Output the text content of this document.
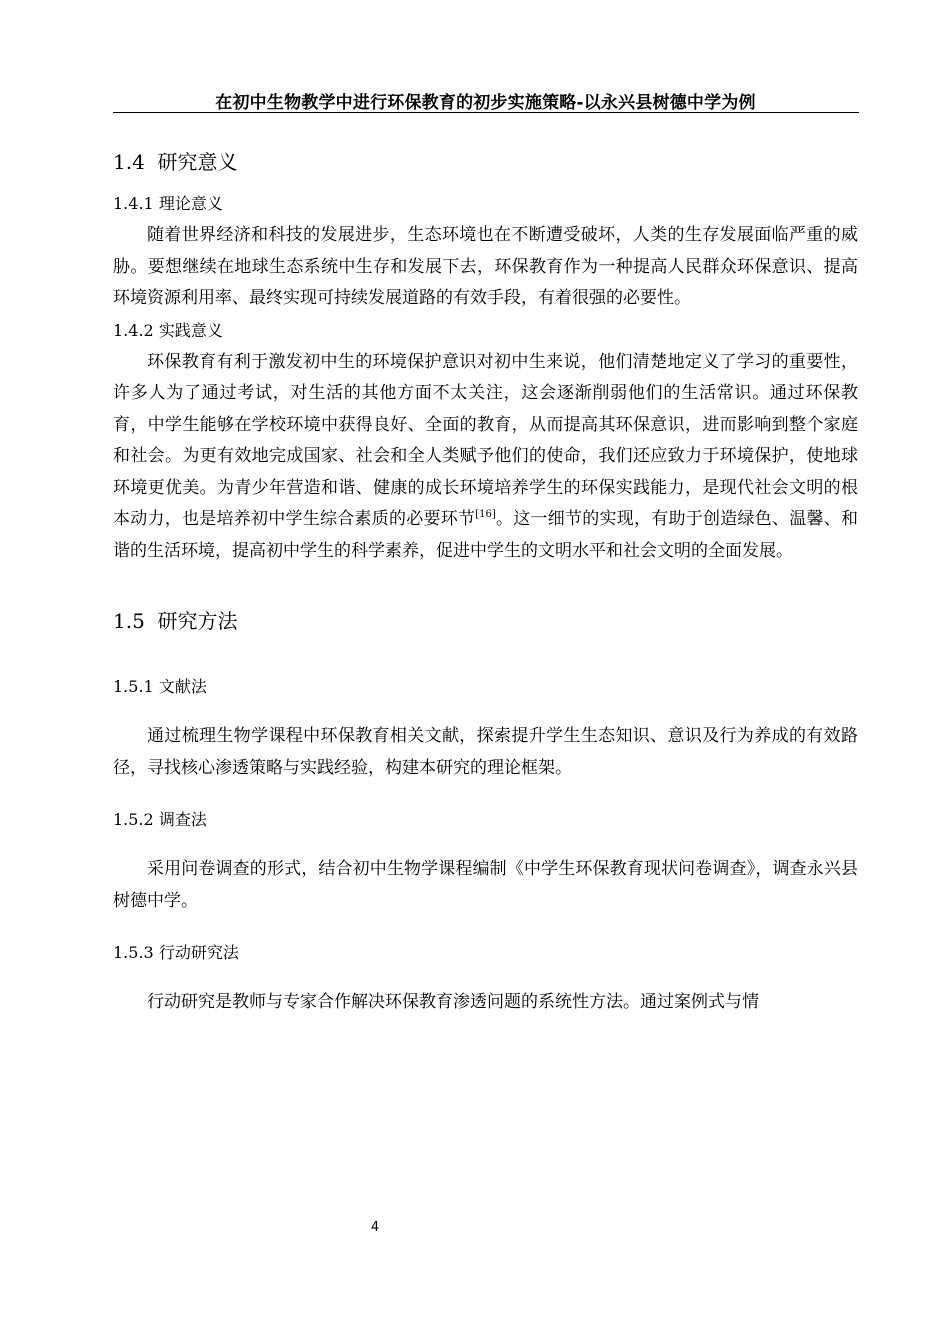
在初中生物教学中进行环保教育的初步实施策略-以永兴县树德中学为例
1.4 研究意义
1.4.1 理论意义

随着世界经济和科技的发展进步，生态环境也在不断遭受破坏，人类的生存发展面临严重的威胁。要想继续在地球生态系统中生存和发展下去，环保教育作为一种提高人民群众环保意识、提高环境资源利用率、最终实现可持续发展道路的有效手段，有着很强的必要性。

1.4.2 实践意义

环保教育有利于激发初中生的环境保护意识对初中生来说，他们清楚地定义了学习的重要性，许多人为了通过考试，对生活的其他方面不太关注，这会逐渐削弱他们的生活常识。通过环保教育，中学生能够在学校环境中获得良好、全面的教育，从而提高其环保意识，进而影响到整个家庭和社会。为更有效地完成国家、社会和全人类赋予他们的使命，我们还应致力于环境保护，使地球环境更优美。为青少年营造和谐、健康的成长环境培养学生的环保实践能力，是现代社会文明的根本动力，也是培养初中学生综合素质的必要环节[16]。这一细节的实现，有助于创造绿色、温馨、和谐的生活环境，提高初中学生的科学素养，促进中学生的文明水平和社会文明的全面发展。

1.5 研究方法
1.5.1 文献法

通过梳理生物学课程中环保教育相关文献，探索提升学生生态知识、意识及行为养成的有效路径，寻找核心渗透策略与实践经验，构建本研究的理论框架。

1.5.2 调查法

采用问卷调查的形式，结合初中生物学课程编制《中学生环保教育现状问卷调查》，调查永兴县树德中学。

1.5.3 行动研究法

行动研究是教师与专家合作解决环保教育渗透问题的系统性方法。通过案例式与情

4
